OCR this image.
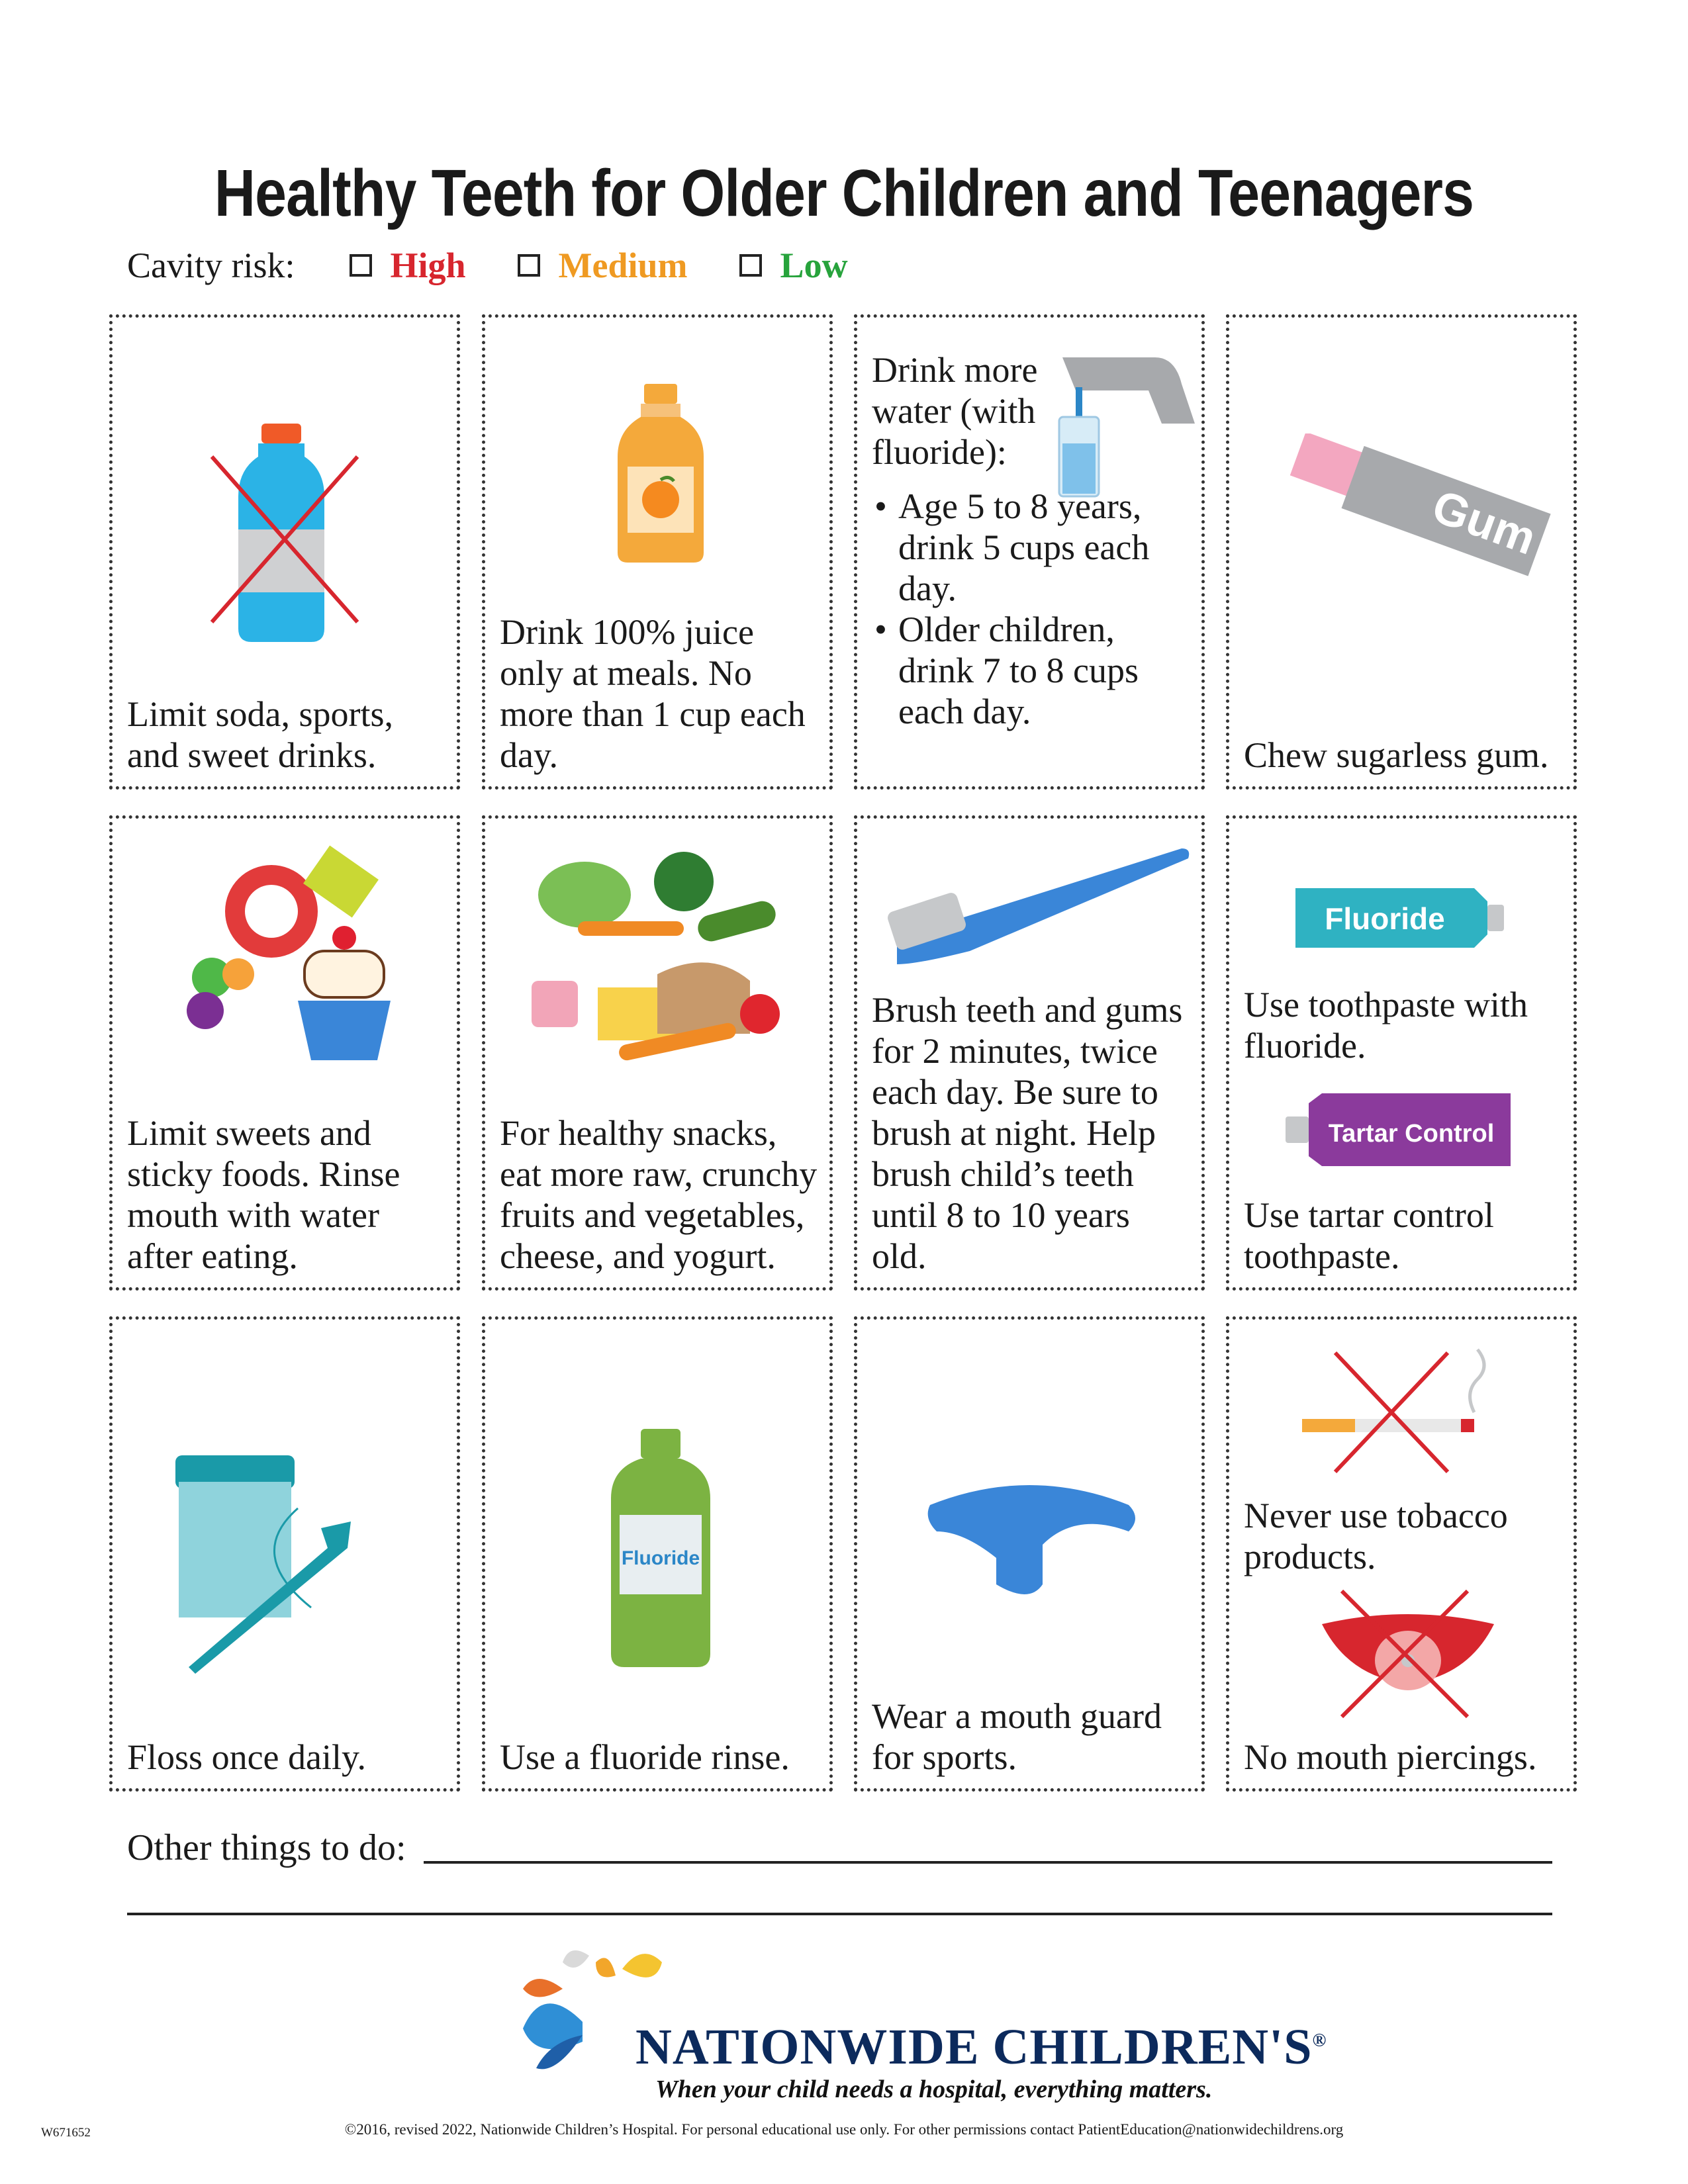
Healthy Teeth for Older Children and Teenagers
Cavity risk:	High	Medium	Low
Limit soda, sports, and sweet drinks.
Drink 100% juice only at meals. No more than 1 cup each day.
Drink more water (with fluoride):
• Age 5 to 8 years, drink 5 cups each day.
• Older children, drink 7 to 8 cups each day.
Gum
Chew sugarless gum.
Limit sweets and sticky foods. Rinse mouth with water after eating.
For healthy snacks, eat more raw, crunchy fruits and vegetables, cheese, and yogurt.
Brush teeth and gums for 2 minutes, twice each day. Be sure to brush at night. Help brush child’s teeth until 8 to 10 years old.
Fluoride
Use toothpaste with fluoride.
Tartar Control
Use tartar control toothpaste.
Floss once daily.
Fluoride
Use a fluoride rinse.
Wear a mouth guard for sports.
Never use tobacco products.
No mouth piercings.
Other things to do:
NATIONWIDE CHILDREN'S®
When your child needs a hospital, everything matters.
W671652	©2016, revised 2022, Nationwide Children’s Hospital. For personal educational use only. For other permissions contact PatientEducation@nationwidechildrens.org
